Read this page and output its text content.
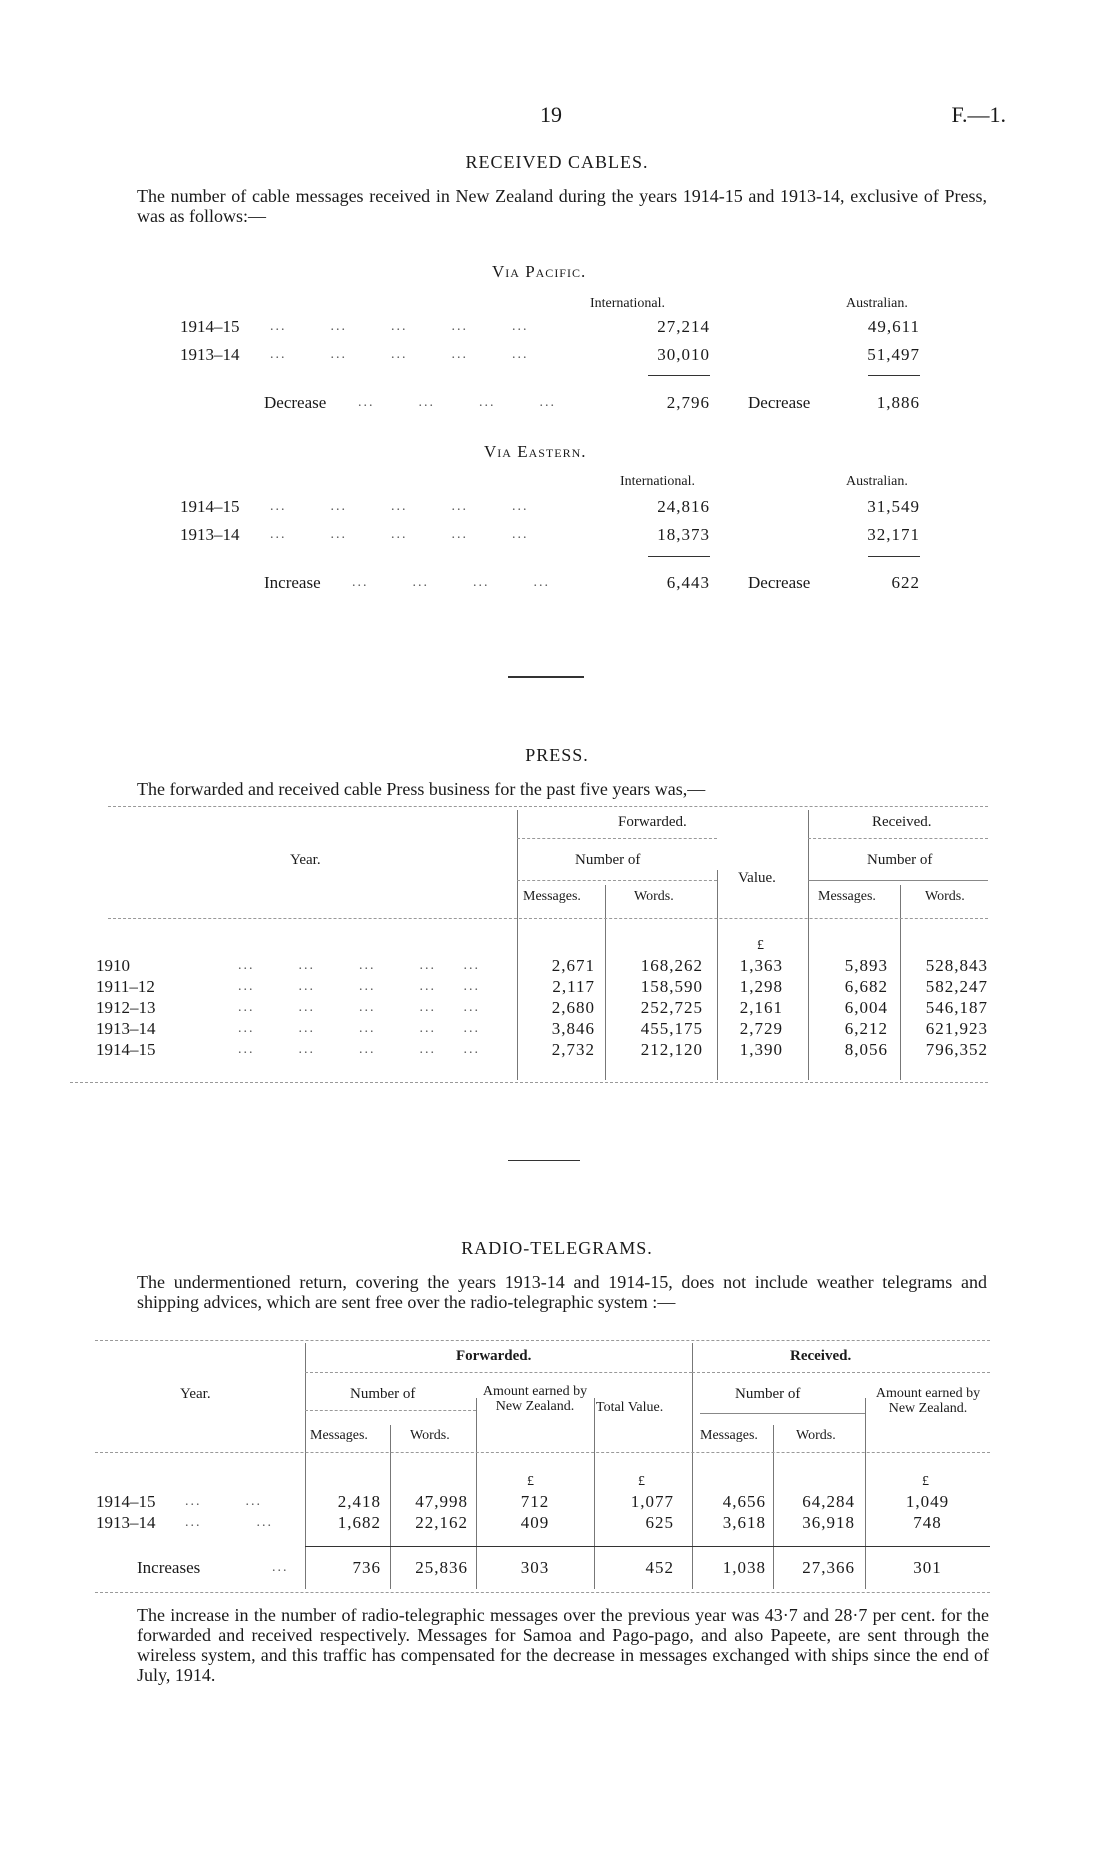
19	F.—1.
RECEIVED CABLES.
The number of cable messages received in New Zealand during the years 1914-15 and 1913-14, exclusive of Press, was as follows:—
Via Pacific.
International.	Australian.
1914–15 ...        ...        ...        ...        ...	27,214	49,611
1913–14 ...        ...        ...        ...        ...	30,010	51,497
Decrease ...        ...        ...        ...	2,796 Decrease	1,886
Via Eastern.
International.	Australian.
1914–15 ...        ...        ...        ...        ...	24,816	31,549
1913–14 ...        ...        ...        ...        ...	18,373	32,171
Increase ...        ...        ...        ...	6,443 Decrease	622
PRESS.
The forwarded and received cable Press business for the past five years was,—
Forwarded.	Received.
Year.	Number of	Number of
Value.
Messages.	Words.	Messages.	Words.
£
...        ...        ...        ...     ...
1910	2,671	168,262	1,363	5,893	528,843
...        ...        ...        ...     ...
1911–12	2,117	158,590	1,298	6,682	582,247
...        ...        ...        ...     ...
1912–13	2,680	252,725	2,161	6,004	546,187
...        ...        ...        ...     ...
1913–14	3,846	455,175	2,729	6,212	621,923
...        ...        ...        ...     ...
1914–15	2,732	212,120	1,390	8,056	796,352
RADIO-TELEGRAMS.
The undermentioned return, covering the years 1913-14 and 1914-15, does not include weather telegrams and shipping advices, which are sent free over the radio-telegraphic system :—
Forwarded.	Received.
Year.	Number of	Amount earned by New Zealand.	Total Value.
Number of	Amount earned by New Zealand.
Messages.	Words.	Messages.	Words.
£	£	£
...        ...
1914–15	2,418	47,998	712	1,077	4,656	64,284	1,049
...          ...
1913–14	1,682	22,162	409	625	3,618	36,918	748
Increases	...	736	25,836	303	452	1,038	27,366	301
The increase in the number of radio-telegraphic messages over the previous year was 43·7 and 28·7 per cent. for the forwarded and received respectively. Messages for Samoa and Pago-pago, and also Papeete, are sent through the wireless system, and this traffic has compensated for the decrease in messages exchanged with ships since the end of July, 1914.
